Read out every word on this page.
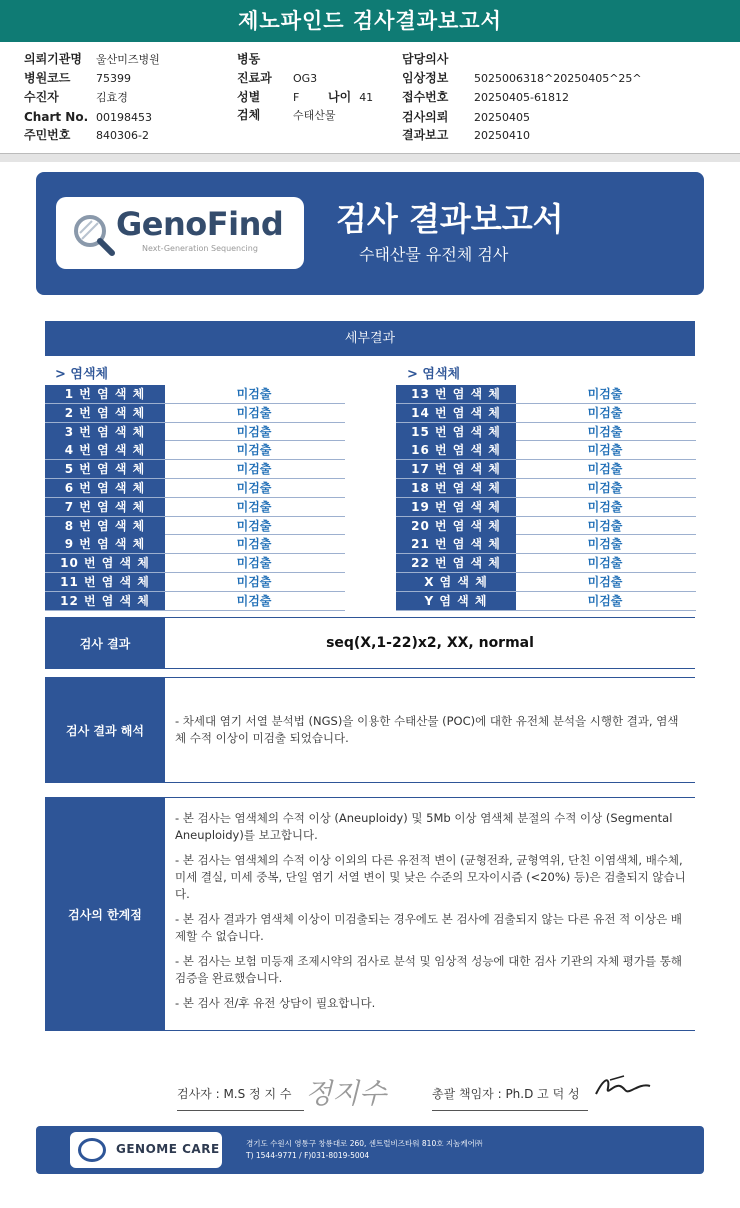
제노파인드 검사결과보고서
의뢰기관명 울산미즈병원
병원코드 75399
수진자	김효경
Chart No. 00198453
주민번호 840306-2
병동
진료과 OG3
성별	F
검체	수태산물
담당의사
임상정보 5025006318^20250405^25^
접수번호 20250405-61812
검사의뢰 20250405
결과보고 20250410
나이 41
GenoFind
Next-Generation Sequencing
검사 결과보고서
수태산물 유전체 검사
세부결과
> 염색체	> 염색체
1 번 염 색 체	미검출
2 번 염 색 체	미검출
3 번 염 색 체	미검출
4 번 염 색 체	미검출
5 번 염 색 체	미검출
6 번 염 색 체	미검출
7 번 염 색 체	미검출
8 번 염 색 체	미검출
9 번 염 색 체	미검출
10 번 염 색 체	미검출
11 번 염 색 체	미검출
12 번 염 색 체	미검출
13 번 염 색 체	미검출
14 번 염 색 체	미검출
15 번 염 색 체	미검출
16 번 염 색 체	미검출
17 번 염 색 체	미검출
18 번 염 색 체	미검출
19 번 염 색 체	미검출
20 번 염 색 체	미검출
21 번 염 색 체	미검출
22 번 염 색 체	미검출
X 염 색 체	미검출
Y 염 색 체	미검출
검사 결과	seq(X,1-22)x2, XX, normal
검사 결과 해석
- 차세대 염기 서열 분석법 (NGS)을 이용한 수태산물 (POC)에 대한 유전체 분석을 시행한 결과, 염색체 수적 이상이 미검출 되었습니다.
검사의 한계점

- 본 검사는 염색체의 수적 이상 (Aneuploidy) 및 5Mb 이상 염색체 분절의 수적 이상 (Segmental Aneuploidy)를 보고합니다.

- 본 검사는 염색체의 수적 이상 이외의 다른 유전적 변이 (균형전좌, 균형역위, 단친 이염색체, 배수체, 미세 결실, 미세 중복, 단일 염기 서열 변이 및 낮은 수준의 모자이시즘 (<20%) 등)은 검출되지 않습니다.

- 본 검사 결과가 염색체 이상이 미검출되는 경우에도 본 검사에 검출되지 않는 다른 유전 적 이상은 배제할 수 없습니다.

- 본 검사는 보험 미등재 조제시약의 검사로 분석 및 임상적 성능에 대한 검사 기관의 자체 평가를 통해 검증을 완료했습니다.

- 본 검사 전/후 유전 상담이 필요합니다.

검사자 : M.S 정 지 수 정지수	총괄 책임자 : Ph.D 고 덕 성
GENOME CARE	경기도 수원시 영통구 창룡대로 260, 센트럴비즈타워 810호 지놈케어㈜
T) 1544-9771 / F)031-8019-5004
